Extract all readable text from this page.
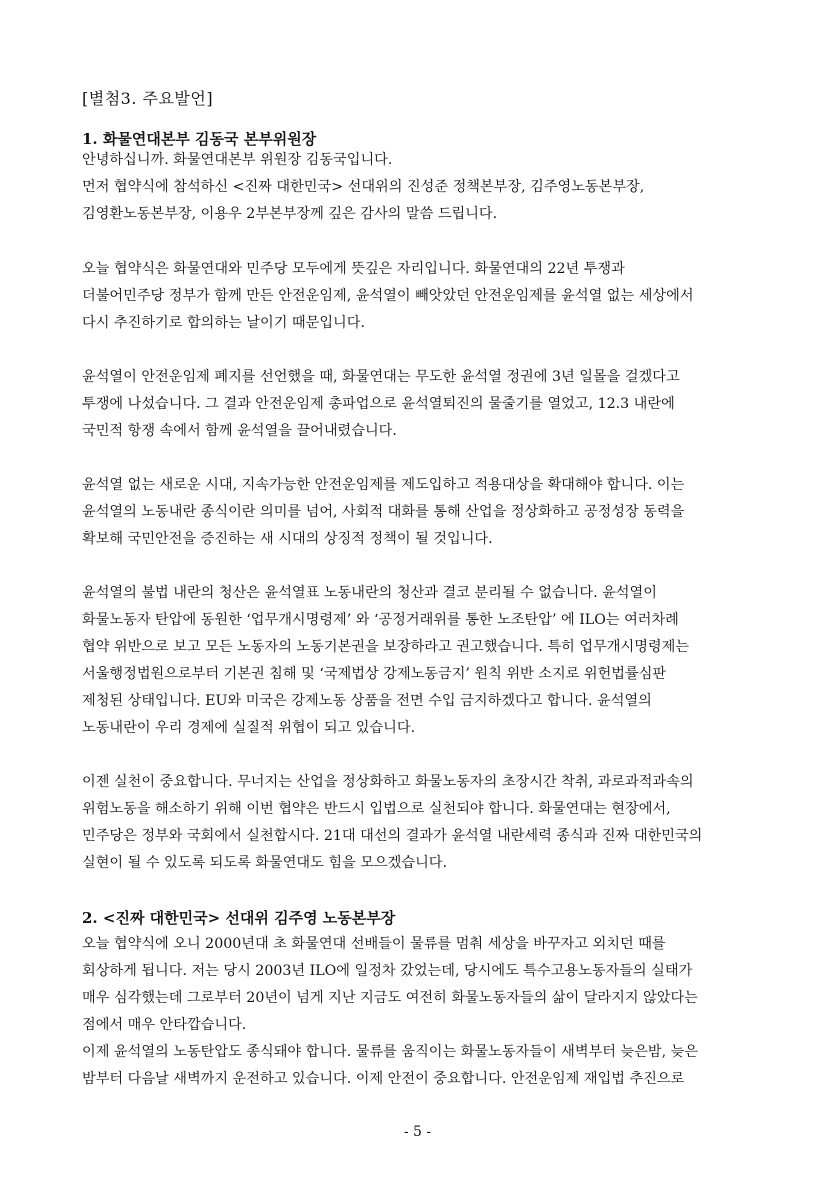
[별첨3. 주요발언]
1. 화물연대본부 김동국 본부위원장
안녕하십니까. 화물연대본부 위원장 김동국입니다.
먼저 협약식에 참석하신 <진짜 대한민국> 선대위의 진성준 정책본부장, 김주영노동본부장,
김영환노동본부장, 이용우 2부본부장께 깊은 감사의 말씀 드립니다.
오늘 협약식은 화물연대와 민주당 모두에게 뜻깊은 자리입니다. 화물연대의 22년 투쟁과
더불어민주당 정부가 함께 만든 안전운임제, 윤석열이 빼앗았던 안전운임제를 윤석열 없는 세상에서
다시 추진하기로 합의하는 날이기 때문입니다.
윤석열이 안전운임제 폐지를 선언했을 때, 화물연대는 무도한 윤석열 정권에 3년 일몰을 걸겠다고
투쟁에 나섰습니다. 그 결과 안전운임제 총파업으로 윤석열퇴진의 물줄기를 열었고, 12.3 내란에
국민적 항쟁 속에서 함께 윤석열을 끌어내렸습니다.
윤석열 없는 새로운 시대, 지속가능한 안전운임제를 제도입하고 적용대상을 확대해야 합니다. 이는
윤석열의 노동내란 종식이란 의미를 넘어, 사회적 대화를 통해 산업을 정상화하고 공정성장 동력을
확보해 국민안전을 증진하는 새 시대의 상징적 정책이 될 것입니다.
윤석열의 불법 내란의 청산은 윤석열표 노동내란의 청산과 결코 분리될 수 없습니다. 윤석열이
화물노동자 탄압에 동원한 ‘업무개시명령제’ 와 ‘공정거래위를 통한 노조탄압’ 에 ILO는 여러차례
협약 위반으로 보고 모든 노동자의 노동기본권을 보장하라고 권고했습니다. 특히 업무개시명령제는
서울행정법원으로부터 기본권 침해 및 ‘국제법상 강제노동금지’ 원칙 위반 소지로 위헌법률심판
제청된 상태입니다. EU와 미국은 강제노동 상품을 전면 수입 금지하겠다고 합니다. 윤석열의
노동내란이 우리 경제에 실질적 위협이 되고 있습니다.
이젠 실천이 중요합니다. 무너지는 산업을 정상화하고 화물노동자의 초장시간 착취, 과로과적과속의
위험노동을 해소하기 위해 이번 협약은 반드시 입법으로 실천되야 합니다. 화물연대는 현장에서,
민주당은 정부와 국회에서 실천합시다. 21대 대선의 결과가 윤석열 내란세력 종식과 진짜 대한민국의
실현이 될 수 있도록 되도록 화물연대도 힘을 모으겠습니다.
2. <진짜 대한민국> 선대위 김주영 노동본부장
오늘 협약식에 오니 2000년대 초 화물연대 선배들이 물류를 멈춰 세상을 바꾸자고 외치던 때를
회상하게 됩니다. 저는 당시 2003년 ILO에 일정차 갔었는데, 당시에도 특수고용노동자들의 실태가
매우 심각했는데 그로부터 20년이 넘게 지난 지금도 여전히 화물노동자들의 삶이 달라지지 않았다는
점에서 매우 안타깝습니다.
이제 윤석열의 노동탄압도 종식돼야 합니다. 물류를 움직이는 화물노동자들이 새벽부터 늦은밤, 늦은
밤부터 다음날 새벽까지 운전하고 있습니다. 이제 안전이 중요합니다. 안전운임제 재입법 추진으로
- 5 -
